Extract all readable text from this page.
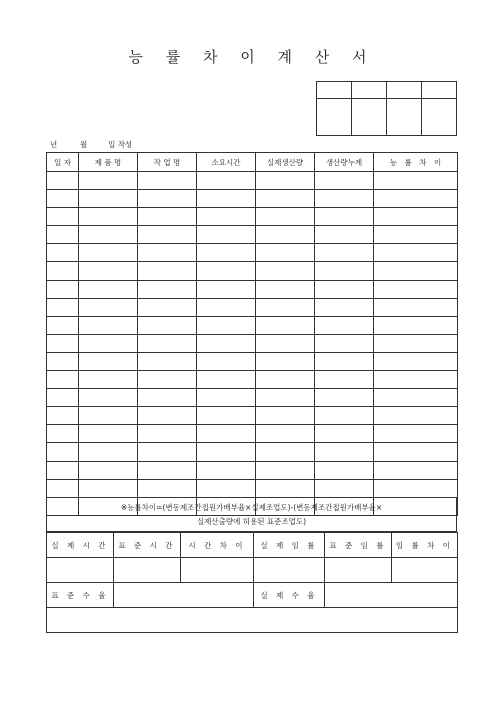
능 률 차 이 계 산 서

년	월	일 작성
일 자	제 품 명	작 업 명	소요시간	실제생산량	생산량누계	능　률　차　이

※능률차이=(변동제조간접원가배부율×실제조업도)-(변동제조간접원가배부율×
실제산출량에 허용된 표준조업도)
실 제 시 간	표 준 시 간	시 간 차 이	실 제 임 률	표 준 임 률	임 률 차 이

표 준 수 율			실 제 수 율		
